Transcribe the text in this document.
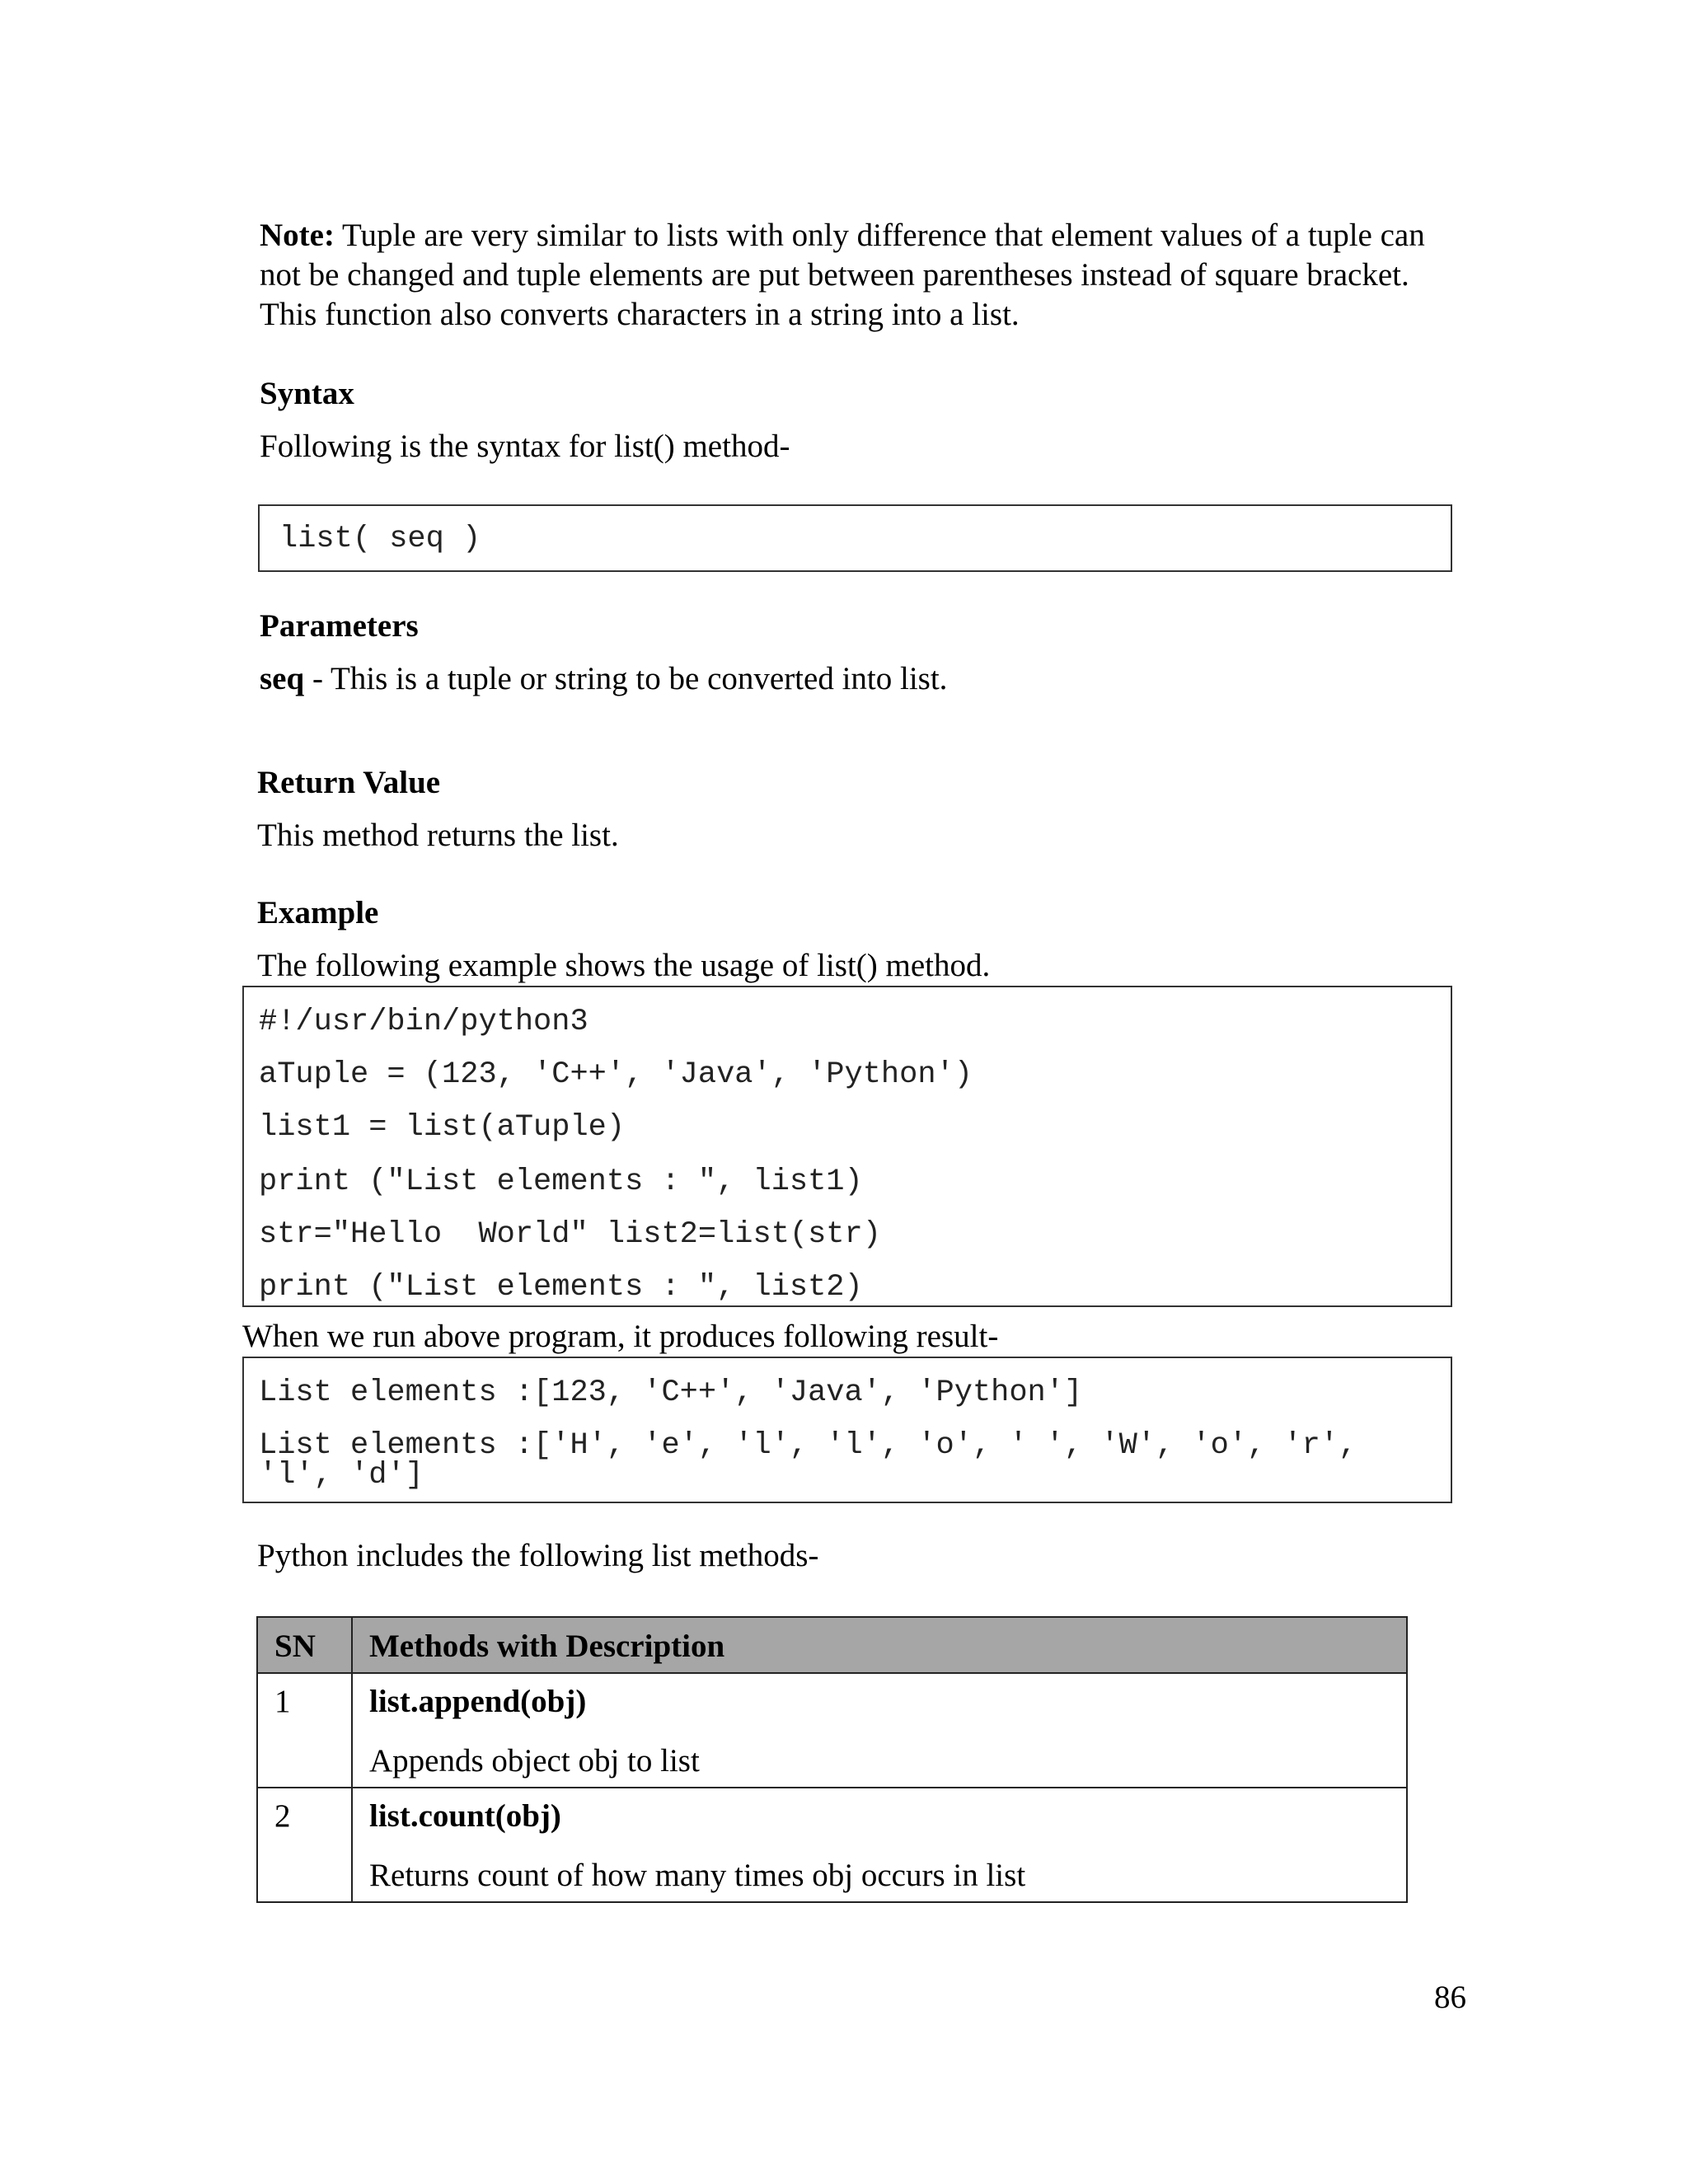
Note: Tuple are very similar to lists with only difference that element values of a tuple can
not be changed and tuple elements are put between parentheses instead of square bracket.
This function also converts characters in a string into a list.
Syntax
Following is the syntax for list() method-
list( seq )
Parameters
seq - This is a tuple or string to be converted into list.
Return Value
This method returns the list.
Example
The following example shows the usage of list() method.
#!/usr/bin/python3
aTuple = (123, 'C++', 'Java', 'Python')
list1 = list(aTuple)
print ("List elements : ", list1)
str="Hello  World" list2=list(str)
print ("List elements : ", list2)
When we run above program, it produces following result-
List elements :[123, 'C++', 'Java', 'Python']
List elements :['H', 'e', 'l', 'l', 'o', ' ', 'W', 'o', 'r',
'l', 'd']
Python includes the following list methods-
SN	Methods with Description

1	list.append(obj)
Appends object obj to list

2	list.count(obj)
Returns count of how many times obj occurs in list
86
